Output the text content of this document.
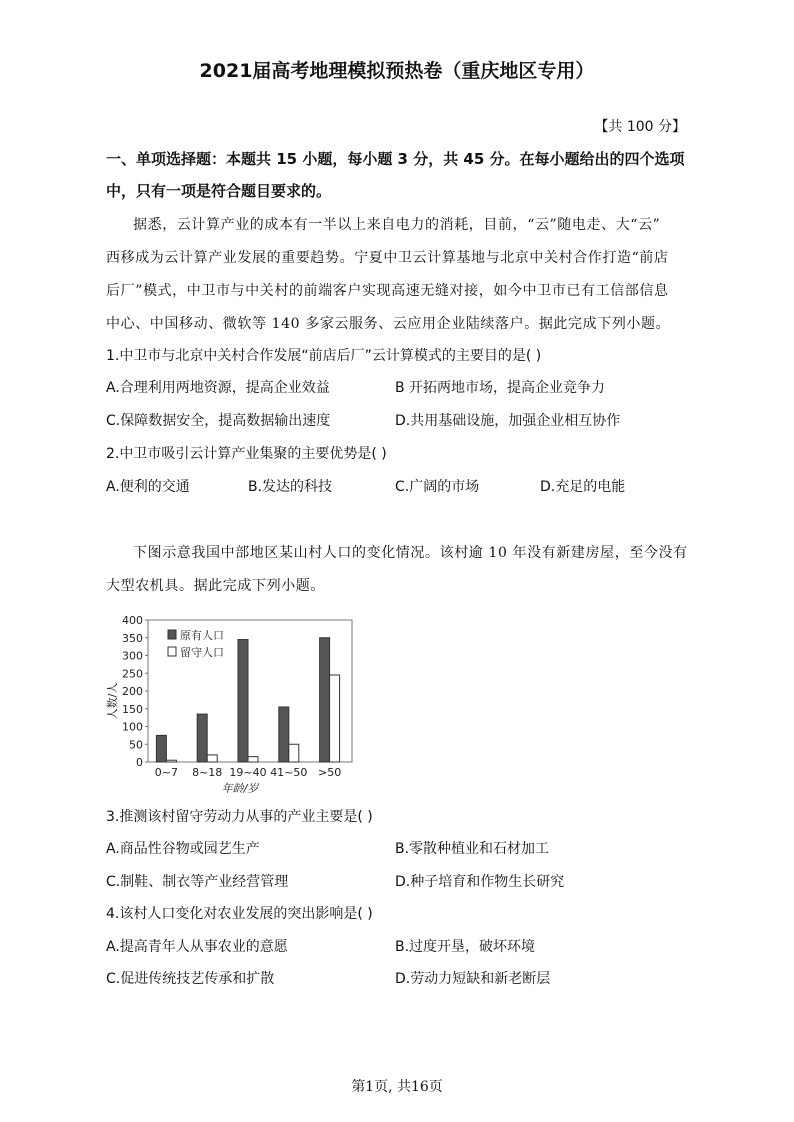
2021届高考地理模拟预热卷（重庆地区专用）
【共 100 分】
一、单项选择题：本题共 15 小题，每小题 3 分，共 45 分。在每小题给出的四个选项
中，只有一项是符合题目要求的。
据悉，云计算产业的成本有一半以上来自电力的消耗，目前，“云”随电走、大“云”
西移成为云计算产业发展的重要趋势。宁夏中卫云计算基地与北京中关村合作打造“前店
后厂”模式，中卫市与中关村的前端客户实现高速无缝对接，如今中卫市已有工信部信息
中心、中国移动、微软等 140 多家云服务、云应用企业陆续落户。据此完成下列小题。
1.中卫市与北京中关村合作发展“前店后厂”云计算模式的主要目的是( )
A.合理利用两地资源，提高企业效益	B 开拓两地市场，提高企业竞争力
C.保障数据安全，提高数据输出速度	D.共用基础设施，加强企业相互协作
2.中卫市吸引云计算产业集聚的主要优势是( )
A.便利的交通	B.发达的科技	C.广阔的市场	D.充足的电能
下图示意我国中部地区某山村人口的变化情况。该村逾 10 年没有新建房屋，至今没有
大型农机具。据此完成下列小题。
0
50
100
150
200
250
300
350
400
人数/人
0~7 8~18 19~40 41~50 >50
年龄/岁
原有人口
留守人口
3.推测该村留守劳动力从事的产业主要是( )
A.商品性谷物或园艺生产	B.零散种植业和石材加工
C.制鞋、制衣等产业经营管理	D.种子培育和作物生长研究
4.该村人口变化对农业发展的突出影响是( )
A.提高青年人从事农业的意愿	B.过度开垦，破坏环境
C.促进传统技艺传承和扩散	D.劳动力短缺和新老断层
第1页, 共16页
